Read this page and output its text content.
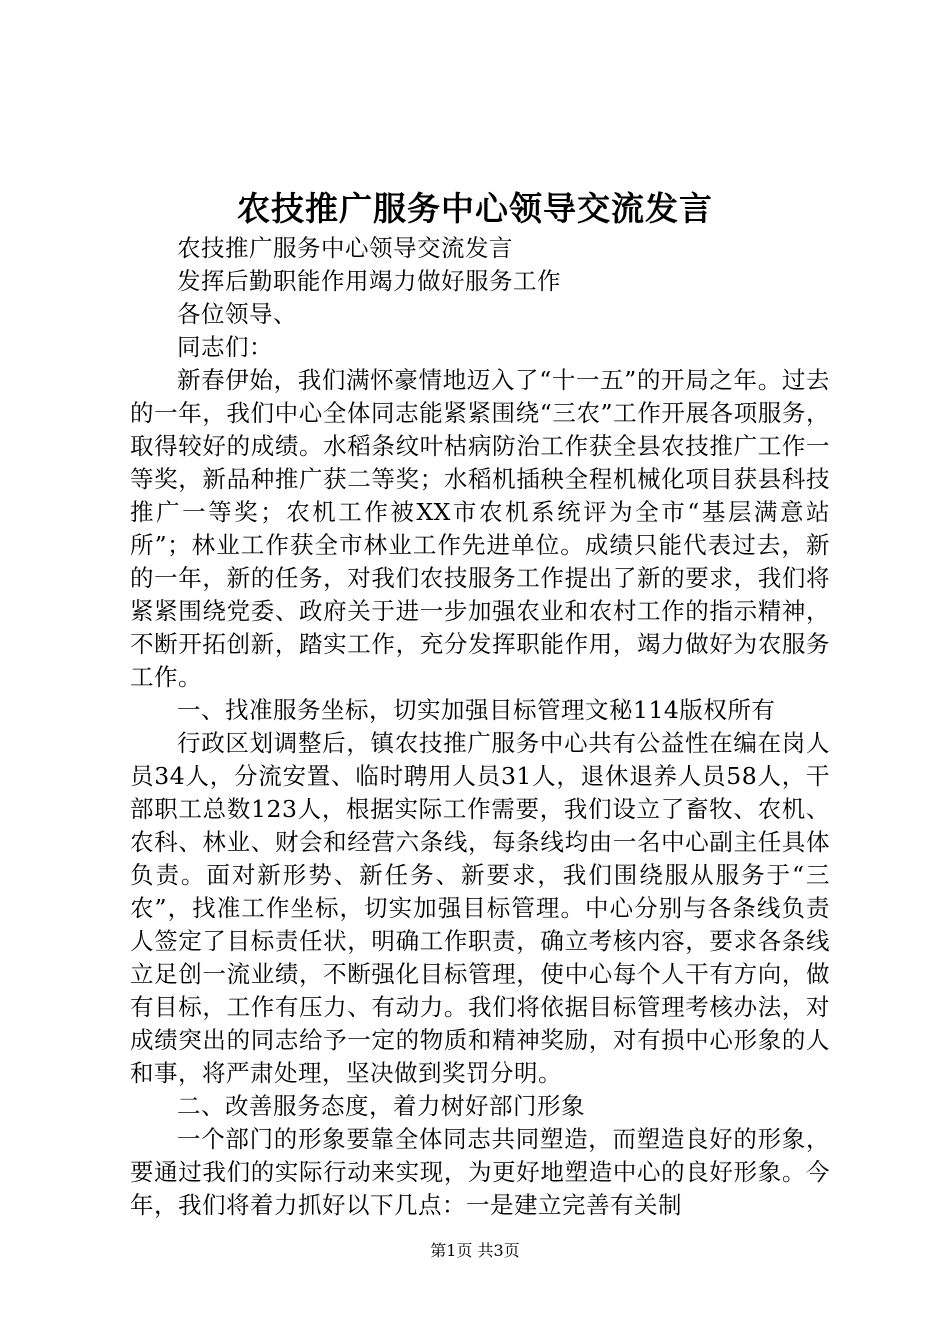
农技推广服务中心领导交流发言

农技推广服务中心领导交流发言

发挥后勤职能作用竭力做好服务工作

各位领导、

同志们：

新春伊始，我们满怀豪情地迈入了“十一五”的开局之年。过去的一年，我们中心全体同志能紧紧围绕“三农”工作开展各项服务，取得较好的成绩。水稻条纹叶枯病防治工作获全县农技推广工作一等奖，新品种推广获二等奖；水稻机插秧全程机械化项目获县科技推广一等奖；农机工作被XX市农机系统评为全市“基层满意站所”；林业工作获全市林业工作先进单位。成绩只能代表过去，新的一年，新的任务，对我们农技服务工作提出了新的要求，我们将紧紧围绕党委、政府关于进一步加强农业和农村工作的指示精神，不断开拓创新，踏实工作，充分发挥职能作用，竭力做好为农服务工作。

一、找准服务坐标，切实加强目标管理文秘114版权所有

行政区划调整后，镇农技推广服务中心共有公益性在编在岗人员34人，分流安置、临时聘用人员31人，退休退养人员58人，干部职工总数123人，根据实际工作需要，我们设立了畜牧、农机、农科、林业、财会和经营六条线，每条线均由一名中心副主任具体负责。面对新形势、新任务、新要求，我们围绕服从服务于“三农”，找准工作坐标，切实加强目标管理。中心分别与各条线负责人签定了目标责任状，明确工作职责，确立考核内容，要求各条线立足创一流业绩，不断强化目标管理，使中心每个人干有方向，做有目标，工作有压力、有动力。我们将依据目标管理考核办法，对成绩突出的同志给予一定的物质和精神奖励，对有损中心形象的人和事，将严肃处理，坚决做到奖罚分明。

二、改善服务态度，着力树好部门形象

一个部门的形象要靠全体同志共同塑造，而塑造良好的形象，要通过我们的实际行动来实现，为更好地塑造中心的良好形象。今年，我们将着力抓好以下几点：一是建立完善有关制

第1页 共3页
